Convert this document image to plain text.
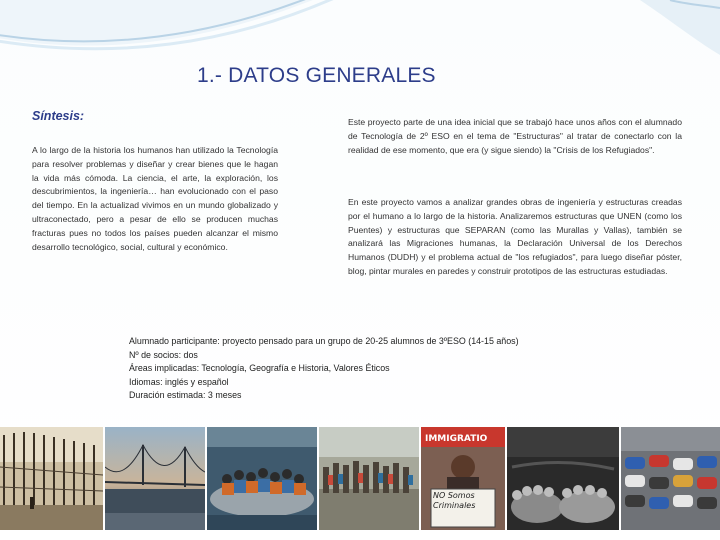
1.- DATOS GENERALES
Síntesis:

A lo largo de la historia los humanos han utilizado la Tecnología para resolver problemas y diseñar y crear bienes que le hagan la vida más cómoda. La ciencia, el arte, la exploración, los descubrimientos, la ingeniería… han evolucionado con el paso del tiempo. En la actualizad vivimos en un mundo globalizado y ultraconectado, pero a pesar de ello se producen muchas fracturas pues no todos los países pueden alcanzar el mismo desarrollo tecnológico, social, cultural y económico.

Este proyecto parte de una idea inicial que se trabajó hace unos años con el alumnado de Tecnología de 2º ESO en el tema de "Estructuras" al tratar de conectarlo con la realidad de ese momento, que era (y sigue siendo) la "Crisis de los Refugiados".

En este proyecto vamos a analizar grandes obras de ingeniería y estructuras creadas por el humano a lo largo de la historia. Analizaremos estructuras que UNEN (como los Puentes) y estructuras que SEPARAN (como las Murallas y Vallas), también se analizará las Migraciones humanas, la Declaración Universal de los Derechos Humanos (DUDH) y el problema actual de "los refugiados", para luego diseñar póster, blog, pintar murales en paredes y construir prototipos de las estructuras estudiadas.

Alumnado participante: proyecto pensado para un grupo de 20-25 alumnos de 3ºESO (14-15 años)
Nº de socios: dos
Áreas implicadas: Tecnología, Geografía e Historia, Valores Éticos
Idiomas: inglés y español
Duración estimada: 3 meses
IMMIGRATIO
NO Somos Criminales
